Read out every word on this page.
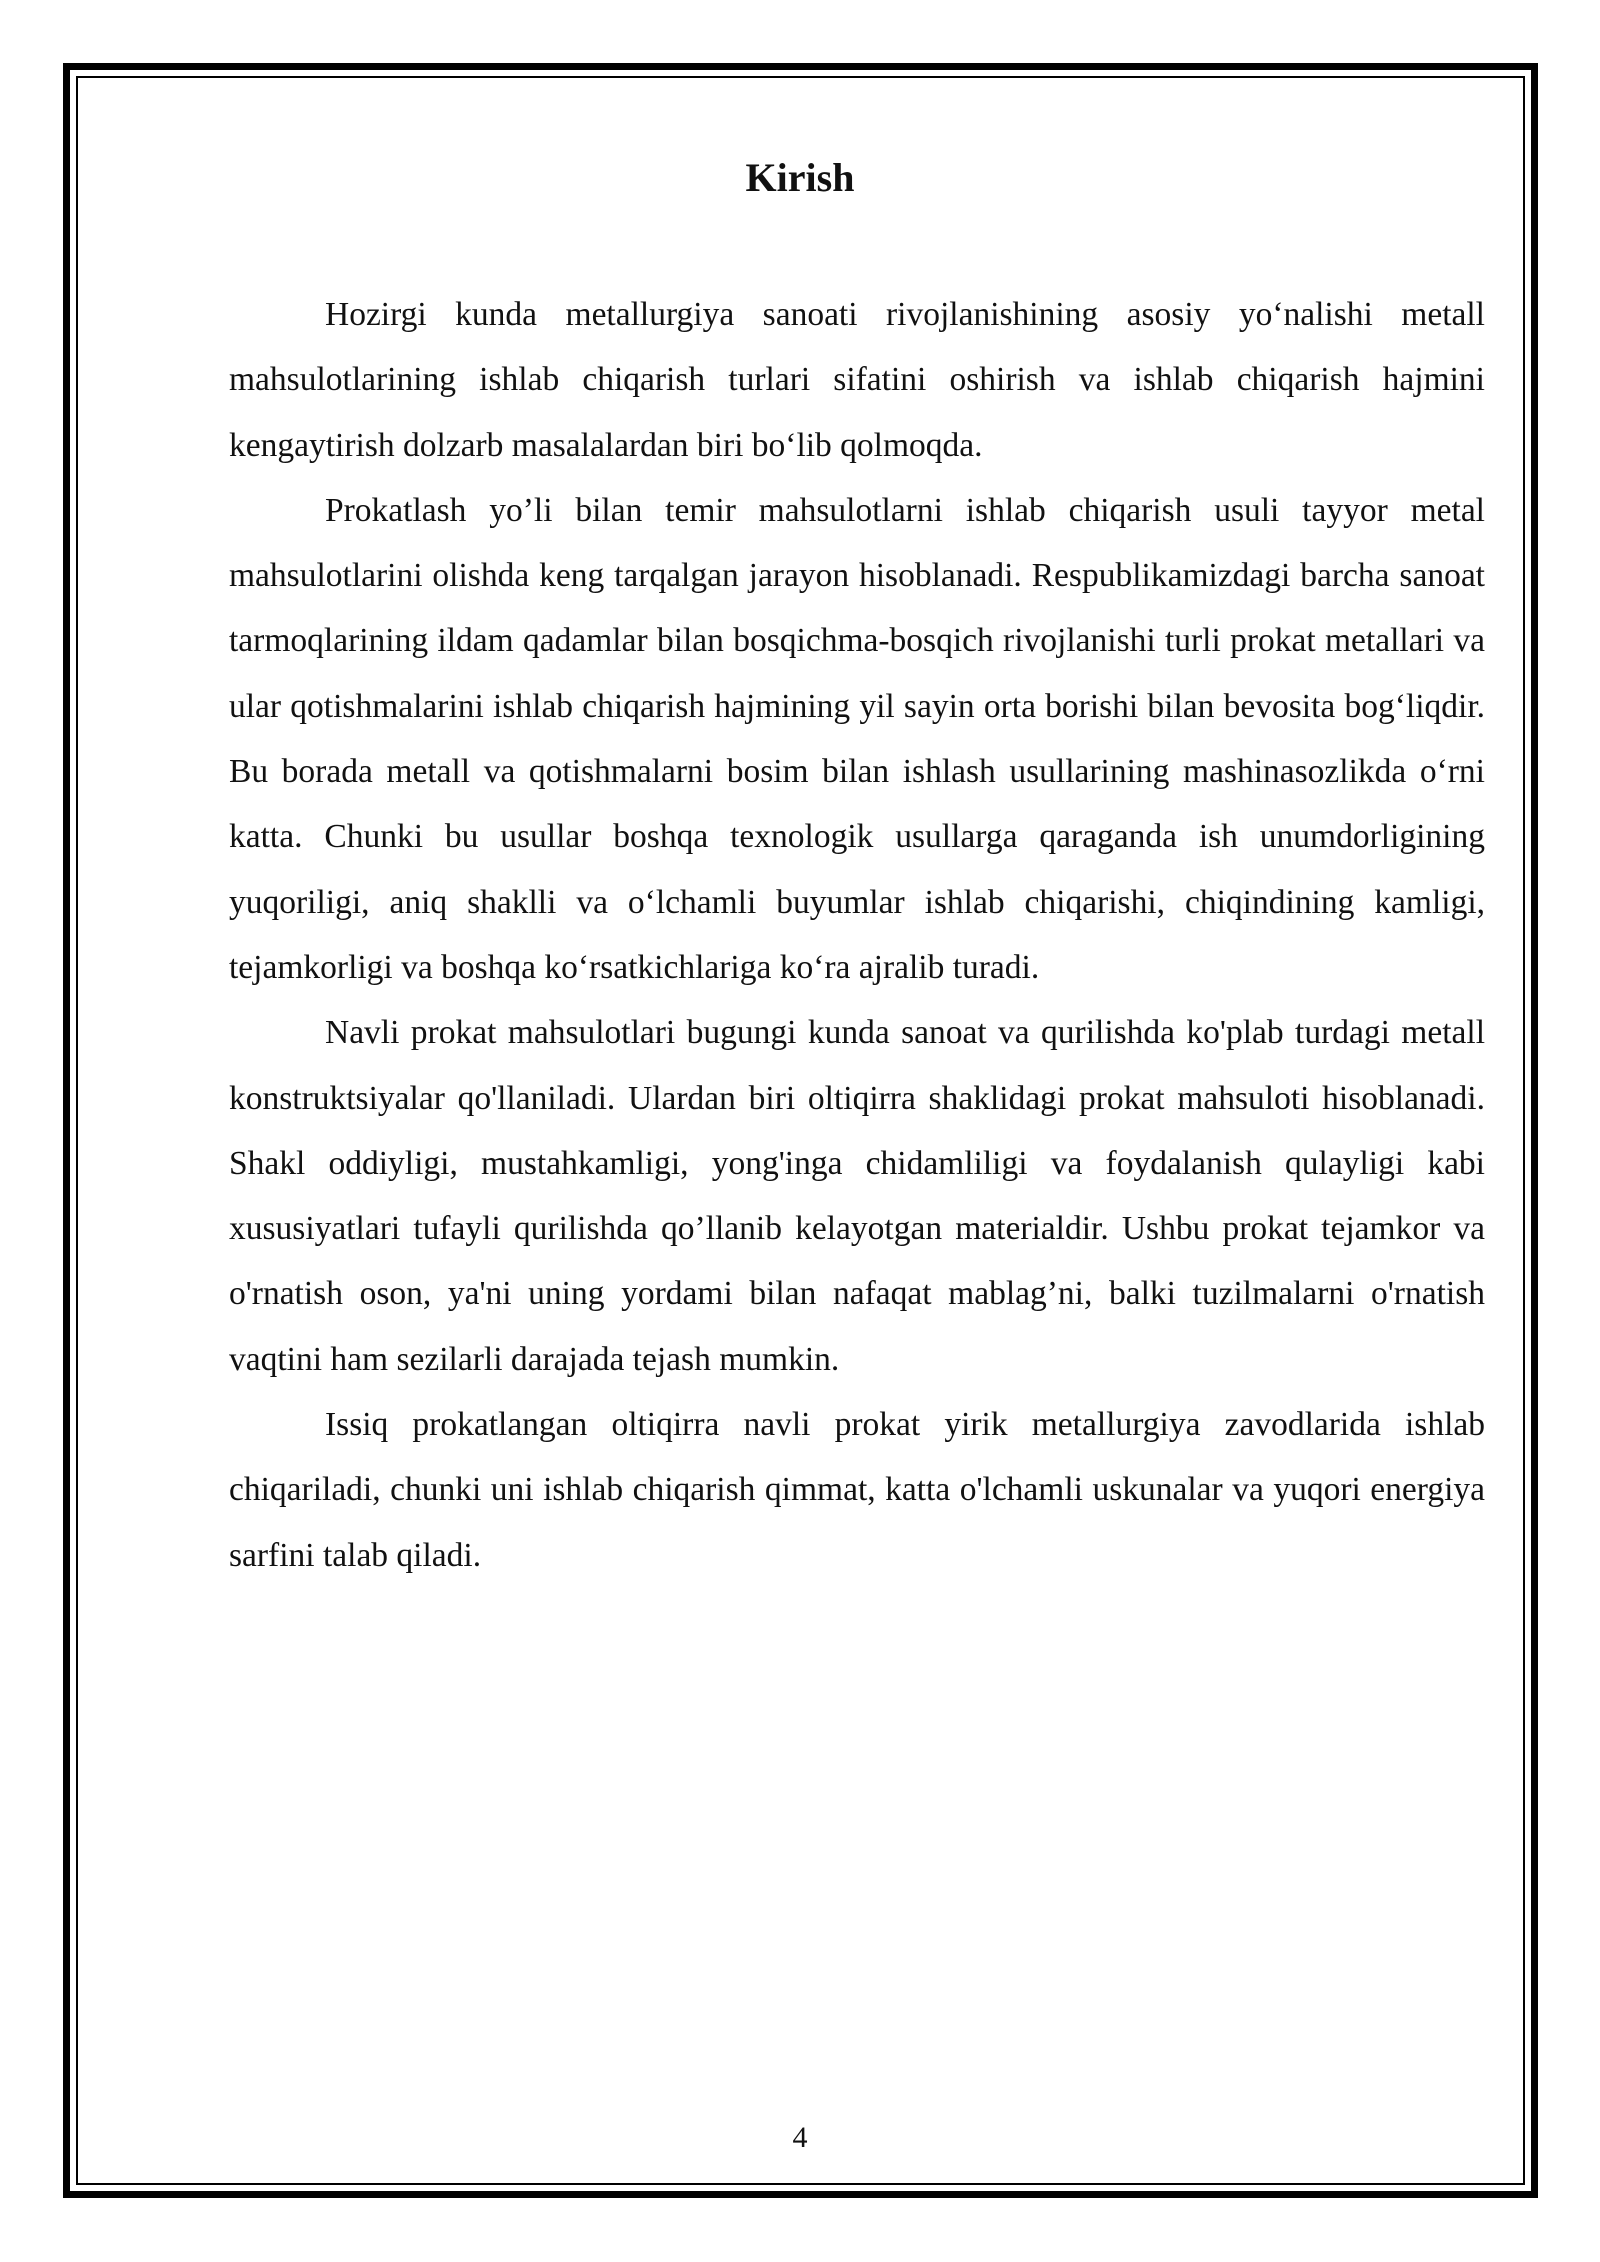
Kirish

Hozirgi kunda metallurgiya sanoati rivojlanishining asosiy yo‘nalishi metall mahsulotlarining ishlab chiqarish turlari sifatini oshirish va ishlab chiqarish hajmini kengaytirish dolzarb masalalardan biri bo‘lib qolmoqda.

Prokatlash yo’li bilan temir mahsulotlarni ishlab chiqarish usuli tayyor metal mahsulotlarini olishda keng tarqalgan jarayon hisoblanadi. Respublikamizdagi barcha sanoat tarmoqlarining ildam qadamlar bilan bosqichma-bosqich rivojlanishi turli prokat metallari va ular qotishmalarini ishlab chiqarish hajmining yil sayin orta borishi bilan bevosita bog‘liqdir. Bu borada metall va qotishmalarni bosim bilan ishlash usullarining mashinasozlikda o‘rni katta. Chunki bu usullar boshqa texnologik usullarga qaraganda ish unumdorligining yuqoriligi, aniq shaklli va o‘lchamli buyumlar ishlab chiqarishi, chiqindining kamligi, tejamkorligi va boshqa ko‘rsatkichlariga ko‘ra ajralib turadi.

Navli prokat mahsulotlari bugungi kunda sanoat va qurilishda ko'plab turdagi metall konstruktsiyalar qo'llaniladi. Ulardan biri oltiqirra shaklidagi prokat mahsuloti hisoblanadi. Shakl oddiyligi, mustahkamligi, yong'inga chidamliligi va foydalanish qulayligi kabi xususiyatlari tufayli qurilishda qo’llanib kelayotgan materialdir. Ushbu prokat tejamkor va o'rnatish oson, ya'ni uning yordami bilan nafaqat mablag’ni, balki tuzilmalarni o'rnatish vaqtini ham sezilarli darajada tejash mumkin.

Issiq prokatlangan oltiqirra navli prokat yirik metallurgiya zavodlarida ishlab chiqariladi, chunki uni ishlab chiqarish qimmat, katta o'lchamli uskunalar va yuqori energiya sarfini talab qiladi.

4
